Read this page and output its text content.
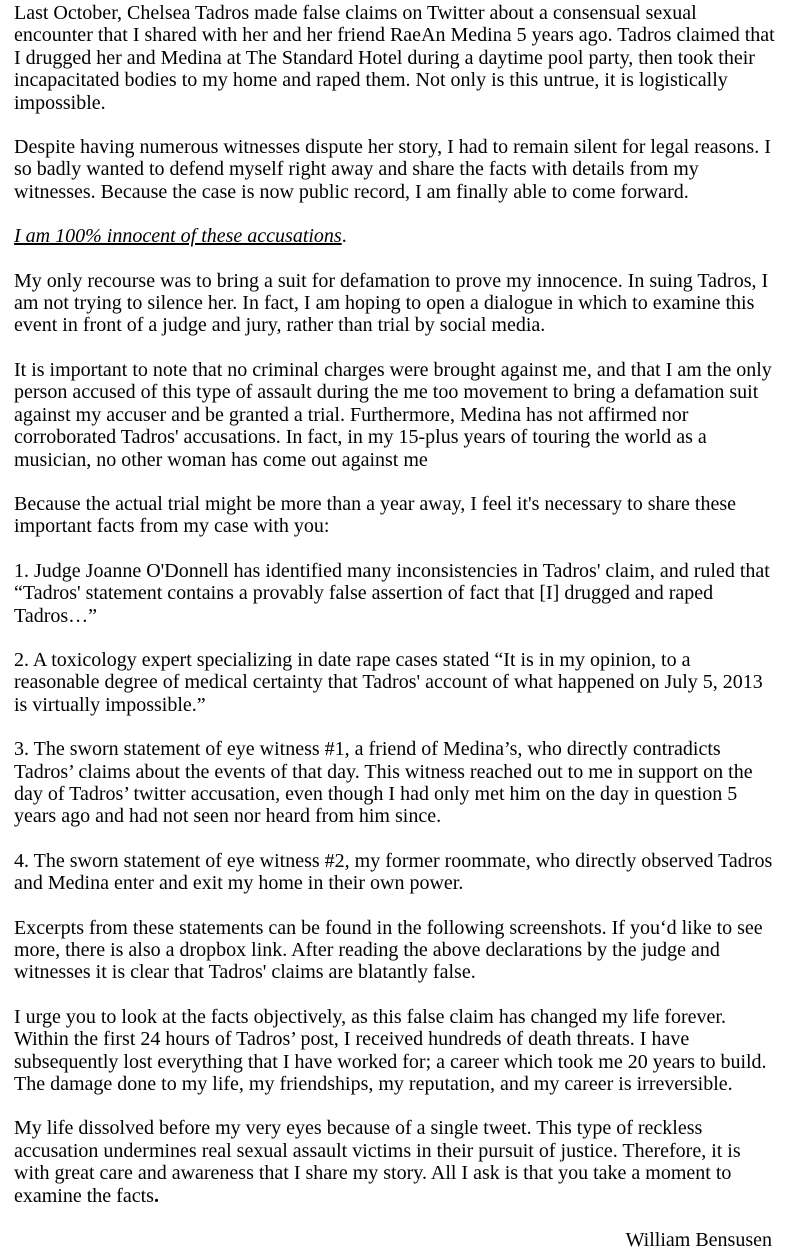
Last October, Chelsea Tadros made false claims on Twitter about a consensual sexual encounter that I shared with her and her friend RaeAn Medina 5 years ago. Tadros claimed that I drugged her and Medina at The Standard Hotel during a daytime pool party, then took their incapacitated bodies to my home and raped them. Not only is this untrue, it is logistically impossible.

Despite having numerous witnesses dispute her story, I had to remain silent for legal reasons. I so badly wanted to defend myself right away and share the facts with details from my witnesses. Because the case is now public record, I am finally able to come forward.

I am 100% innocent of these accusations.

My only recourse was to bring a suit for defamation to prove my innocence. In suing Tadros, I am not trying to silence her. In fact, I am hoping to open a dialogue in which to examine this event in front of a judge and jury, rather than trial by social media.

It is important to note that no criminal charges were brought against me, and that I am the only person accused of this type of assault during the me too movement to bring a defamation suit against my accuser and be granted a trial. Furthermore, Medina has not affirmed nor corroborated Tadros' accusations. In fact, in my 15-plus years of touring the world as a musician, no other woman has come out against me

Because the actual trial might be more than a year away, I feel it's necessary to share these important facts from my case with you:

1. Judge Joanne O'Donnell has identified many inconsistencies in Tadros' claim, and ruled that “Tadros' statement contains a provably false assertion of fact that [I] drugged and raped Tadros…”

2. A toxicology expert specializing in date rape cases stated “It is in my opinion, to a reasonable degree of medical certainty that Tadros' account of what happened on July 5, 2013 is virtually impossible.”

3. The sworn statement of eye witness #1, a friend of Medina’s, who directly contradicts Tadros’ claims about the events of that day. This witness reached out to me in support on the day of Tadros’ twitter accusation, even though I had only met him on the day in question 5 years ago and had not seen nor heard from him since.

4. The sworn statement of eye witness #2, my former roommate, who directly observed Tadros and Medina enter and exit my home in their own power.

Excerpts from these statements can be found in the following screenshots. If you‘d like to see more, there is also a dropbox link. After reading the above declarations by the judge and witnesses it is clear that Tadros' claims are blatantly false.

I urge you to look at the facts objectively, as this false claim has changed my life forever. Within the first 24 hours of Tadros’ post, I received hundreds of death threats. I have subsequently lost everything that I have worked for; a career which took me 20 years to build. The damage done to my life, my friendships, my reputation, and my career is irreversible.

My life dissolved before my very eyes because of a single tweet. This type of reckless accusation undermines real sexual assault victims in their pursuit of justice. Therefore, it is with great care and awareness that I share my story. All I ask is that you take a moment to examine the facts.

William Bensusen
